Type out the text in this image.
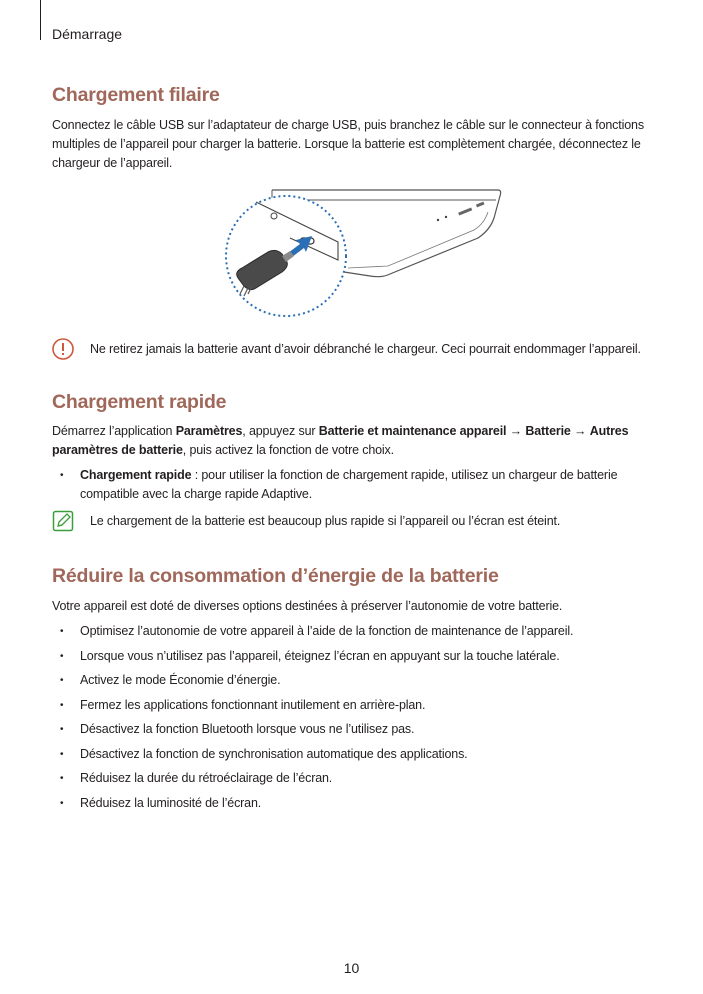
Démarrage
Chargement filaire

Connectez le câble USB sur l’adaptateur de charge USB, puis branchez le câble sur le connecteur à fonctions multiples de l’appareil pour charger la batterie. Lorsque la batterie est complètement chargée, déconnectez le chargeur de l’appareil.

Ne retirez jamais la batterie avant d’avoir débranché le chargeur. Ceci pourrait endommager l’appareil.
Chargement rapide

Démarrez l’application Paramètres, appuyez sur Batterie et maintenance appareil → Batterie → Autres paramètres de batterie, puis activez la fonction de votre choix.

• Chargement rapide : pour utiliser la fonction de chargement rapide, utilisez un chargeur de batterie compatible avec la charge rapide Adaptive.
Le chargement de la batterie est beaucoup plus rapide si l’appareil ou l’écran est éteint.
Réduire la consommation d’énergie de la batterie

Votre appareil est doté de diverses options destinées à préserver l’autonomie de votre batterie.

• Optimisez l’autonomie de votre appareil à l’aide de la fonction de maintenance de l’appareil.
• Lorsque vous n’utilisez pas l’appareil, éteignez l’écran en appuyant sur la touche latérale.
• Activez le mode Économie d’énergie.
• Fermez les applications fonctionnant inutilement en arrière-plan.
• Désactivez la fonction Bluetooth lorsque vous ne l’utilisez pas.
• Désactivez la fonction de synchronisation automatique des applications.
• Réduisez la durée du rétroéclairage de l’écran.
• Réduisez la luminosité de l’écran.
10
